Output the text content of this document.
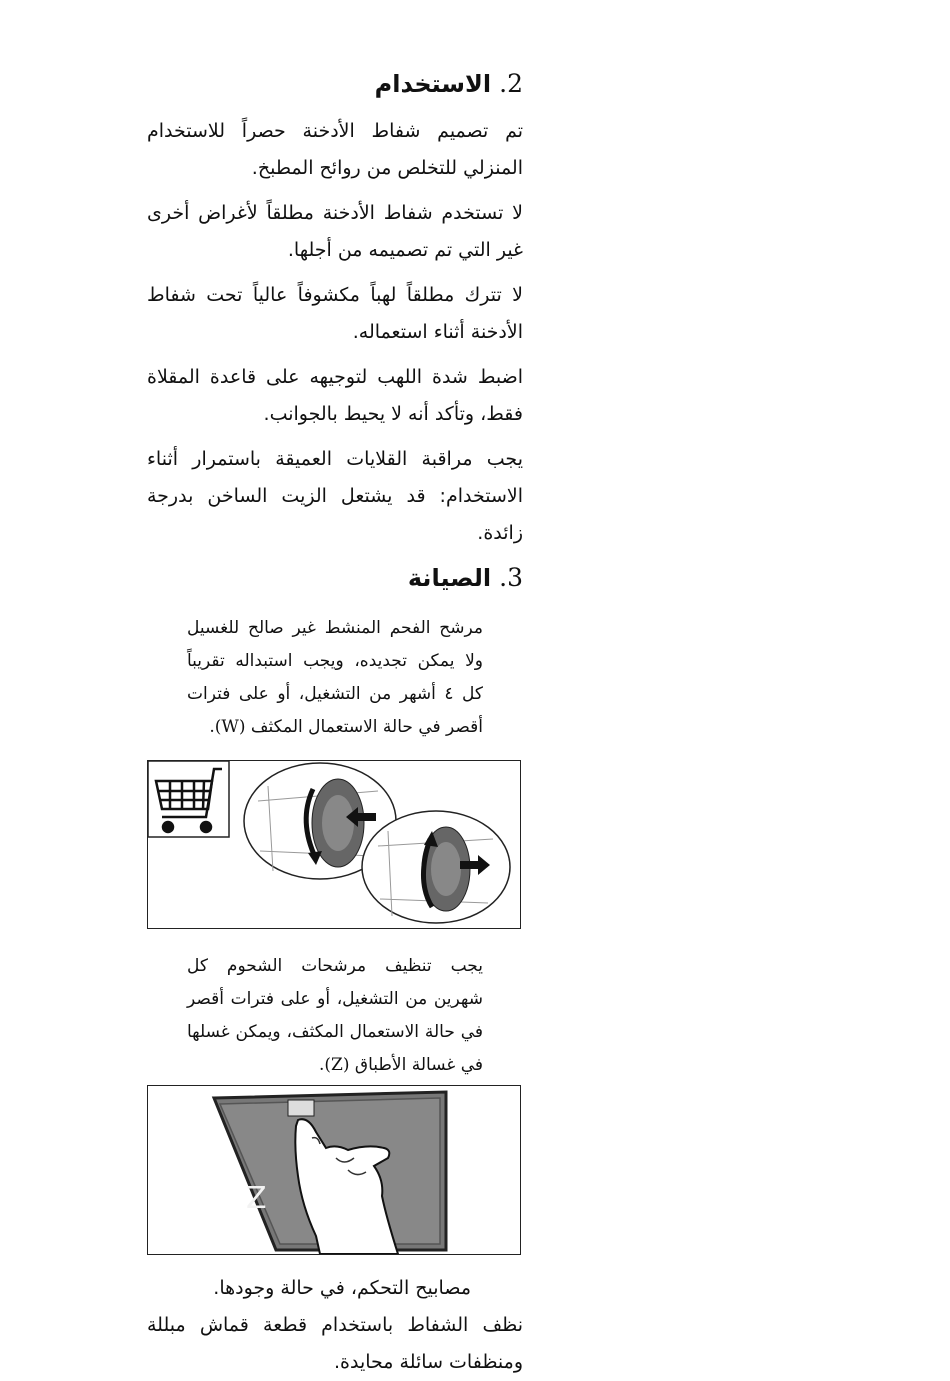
2.
الاستخدام

تم تصميم شفاط الأدخنة حصراً للاستخدام المنزلي للتخلص من روائح المطبخ.

لا تستخدم شفاط الأدخنة مطلقاً لأغراض أخرى غير التي تم تصميمه من أجلها.

لا تترك مطلقاً لهباً مكشوفاً عالياً تحت شفاط الأدخنة أثناء استعماله.

اضبط شدة اللهب لتوجيهه على قاعدة المقلاة فقط، وتأكد أنه لا يحيط بالجوانب.

يجب مراقبة القلايات العميقة باستمرار أثناء الاستخدام: قد يشتعل الزيت الساخن بدرجة زائدة.

3.
الصيانة

مرشح الفحم المنشط غير صالح للغسيل ولا يمكن تجديده، ويجب استبداله تقريباً كل ٤ أشهر من التشغيل، أو على فترات أقصر في حالة الاستعمال المكثف (W).

يجب تنظيف مرشحات الشحوم كل شهرين من التشغيل، أو على فترات أقصر في حالة الاستعمال المكثف، ويمكن غسلها في غسالة الأطباق (Z).

Z

مصابيح التحكم، في حالة وجودها.

نظف الشفاط باستخدام قطعة قماش مبللة ومنظفات سائلة محايدة.
